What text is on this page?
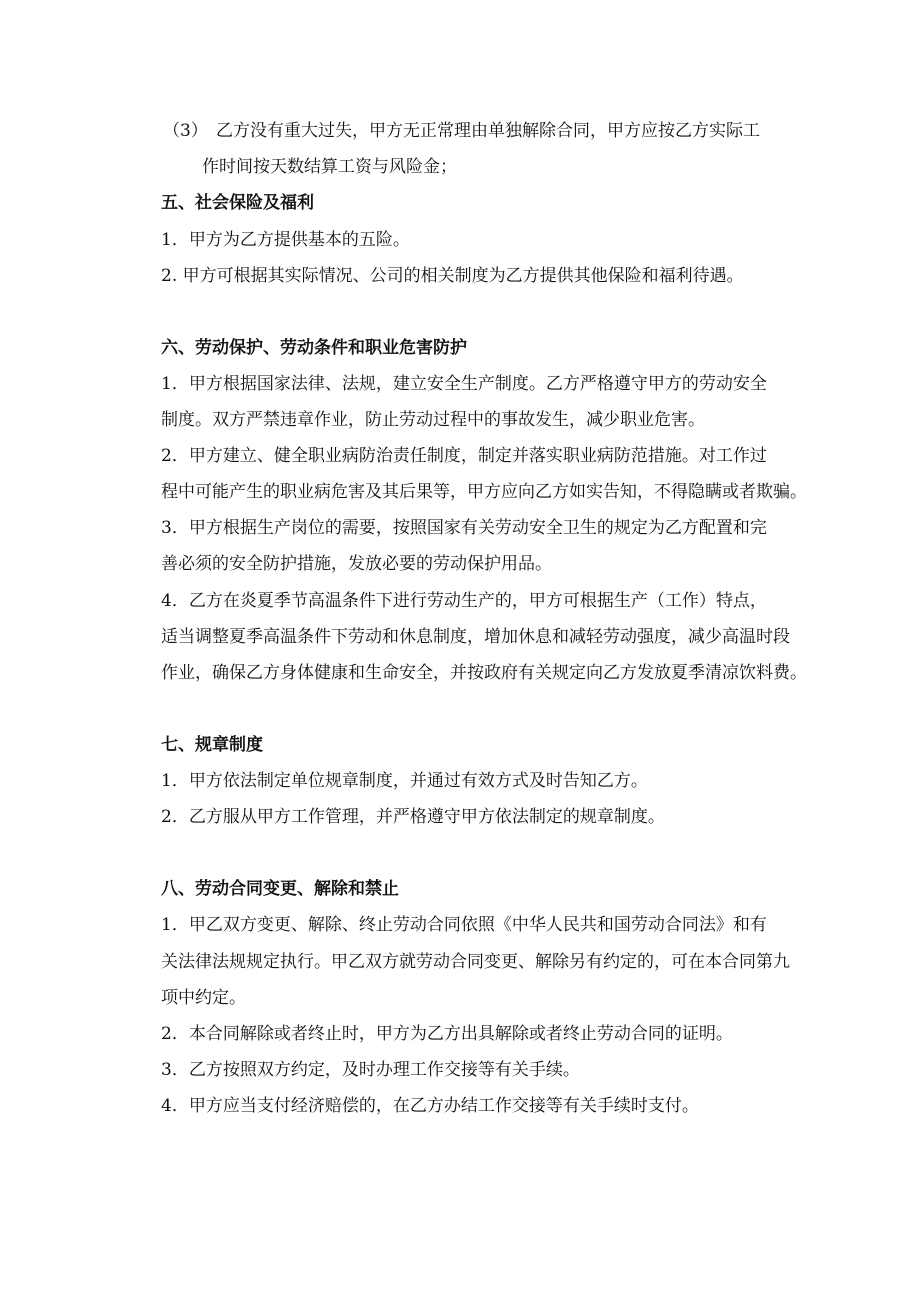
（3） 乙方没有重大过失，甲方无正常理由单独解除合同，甲方应按乙方实际工
作时间按天数结算工资与风险金；
五、社会保险及福利
1．甲方为乙方提供基本的五险。
2. 甲方可根据其实际情况、公司的相关制度为乙方提供其他保险和福利待遇。
六、劳动保护、劳动条件和职业危害防护
1．甲方根据国家法律、法规，建立安全生产制度。乙方严格遵守甲方的劳动安全
制度。双方严禁违章作业，防止劳动过程中的事故发生，减少职业危害。
2．甲方建立、健全职业病防治责任制度，制定并落实职业病防范措施。对工作过
程中可能产生的职业病危害及其后果等，甲方应向乙方如实告知，不得隐瞒或者欺骗。
3．甲方根据生产岗位的需要，按照国家有关劳动安全卫生的规定为乙方配置和完
善必须的安全防护措施，发放必要的劳动保护用品。
4．乙方在炎夏季节高温条件下进行劳动生产的，甲方可根据生产（工作）特点，
适当调整夏季高温条件下劳动和休息制度，增加休息和减轻劳动强度，减少高温时段
作业，确保乙方身体健康和生命安全，并按政府有关规定向乙方发放夏季清凉饮料费。
七、规章制度
1．甲方依法制定单位规章制度，并通过有效方式及时告知乙方。
2．乙方服从甲方工作管理，并严格遵守甲方依法制定的规章制度。
八、劳动合同变更、解除和禁止
1．甲乙双方变更、解除、终止劳动合同依照《中华人民共和国劳动合同法》和有
关法律法规规定执行。甲乙双方就劳动合同变更、解除另有约定的，可在本合同第九
项中约定。
2．本合同解除或者终止时，甲方为乙方出具解除或者终止劳动合同的证明。
3．乙方按照双方约定，及时办理工作交接等有关手续。
4．甲方应当支付经济赔偿的，在乙方办结工作交接等有关手续时支付。
